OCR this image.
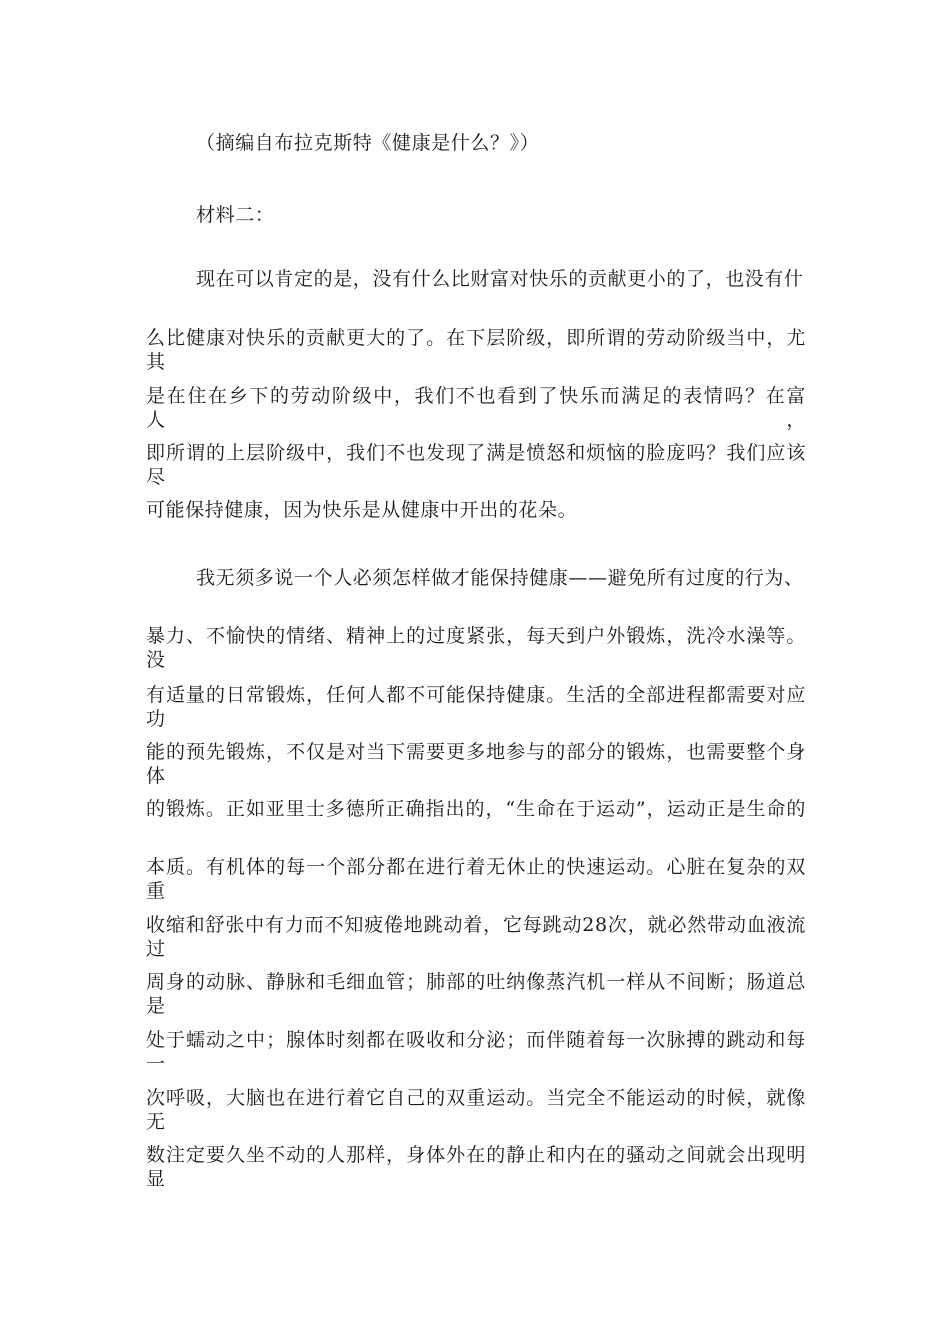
（摘编自布拉克斯特《健康是什么？》）
材料二：
现在可以肯定的是，没有什么比财富对快乐的贡献更小的了，也没有什
么比健康对快乐的贡献更大的了。在下层阶级，即所谓的劳动阶级当中，尤其
是在住在乡下的劳动阶级中，我们不也看到了快乐而满足的表情吗？在富人，
即所谓的上层阶级中，我们不也发现了满是愤怒和烦恼的脸庞吗？我们应该尽
可能保持健康，因为快乐是从健康中开出的花朵。
我无须多说一个人必须怎样做才能保持健康——避免所有过度的行为、
暴力、不愉快的情绪、精神上的过度紧张，每天到户外锻炼，洗冷水澡等。没
有适量的日常锻炼，任何人都不可能保持健康。生活的全部进程都需要对应功
能的预先锻炼，不仅是对当下需要更多地参与的部分的锻炼，也需要整个身体
的锻炼。正如亚里士多德所正确指出的，“生命在于运动”，运动正是生命的
本质。有机体的每一个部分都在进行着无休止的快速运动。心脏在复杂的双重
收缩和舒张中有力而不知疲倦地跳动着，它每跳动28次，就必然带动血液流过
周身的动脉、静脉和毛细血管；肺部的吐纳像蒸汽机一样从不间断；肠道总是
处于蠕动之中；腺体时刻都在吸收和分泌；而伴随着每一次脉搏的跳动和每一
次呼吸，大脑也在进行着它自己的双重运动。当完全不能运动的时候，就像无
数注定要久坐不动的人那样，身体外在的静止和内在的骚动之间就会出现明显
